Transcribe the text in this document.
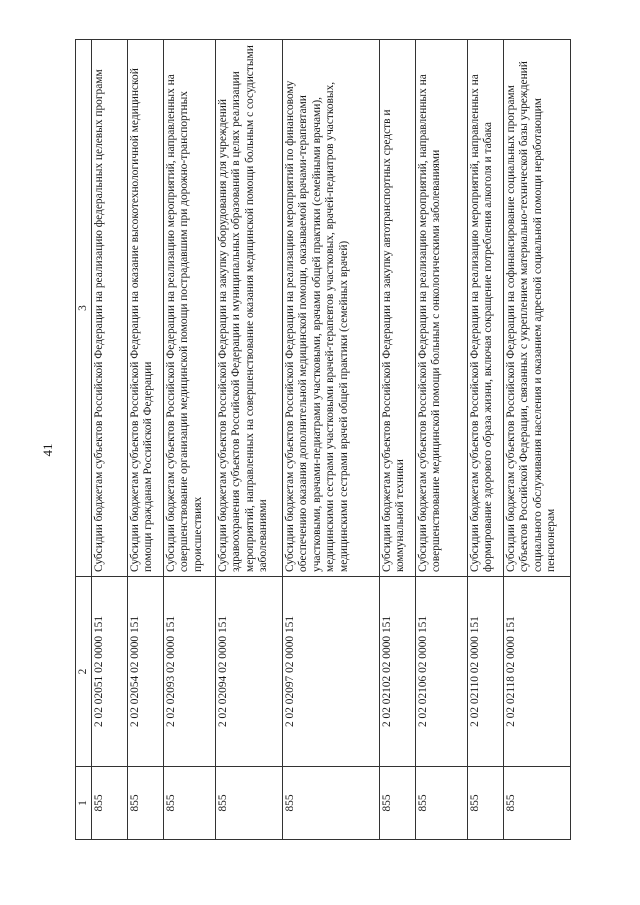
41
1	2	3
855	2 02 02051 02 0000 151	Субсидии бюджетам субъектов Российской Федерации на реализацию федеральных целевых программ
855	2 02 02054 02 0000 151	Субсидии бюджетам субъектов Российской Федерации на оказание высокотехнологичной медицинской помощи гражданам Российской Федерации
855	2 02 02093 02 0000 151	Субсидии бюджетам субъектов Российской Федерации на реализацию мероприятий, направленных на совершенствование организации медицинской помощи пострадавшим при дорожно-транспортных происшествиях
855	2 02 02094 02 0000 151	Субсидии бюджетам субъектов Российской Федерации на закупку оборудования для учреждений здравоохранения субъектов Российской Федерации и муниципальных образований в целях реализации мероприятий, направленных на совершенствование оказания медицинской помощи больным с сосудистыми заболеваниями
855	2 02 02097 02 0000 151	Субсидии бюджетам субъектов Российской Федерации на реализацию мероприятий по финансовому обеспечению оказания дополнительной медицинской помощи, оказываемой врачами-терапевтами участковыми, врачами-педиатрами участковыми, врачами общей практики (семейными врачами), медицинскими сестрами участковыми врачей-терапевтов участковых, врачей-педиатров участковых, медицинскими сестрами врачей общей практики (семейных врачей)
855	2 02 02102 02 0000 151	Субсидии бюджетам субъектов Российской Федерации на закупку автотранспортных средств и коммунальной техники
855	2 02 02106 02 0000 151	Субсидии бюджетам субъектов Российской Федерации на реализацию мероприятий, направленных на совершенствование медицинской помощи больным с онкологическими заболеваниями
855	2 02 02110 02 0000 151	Субсидии бюджетам субъектов Российской Федерации на реализацию мероприятий, направленных на формирование здорового образа жизни, включая сокращение потребления алкоголя и табака
855	2 02 02118 02 0000 151	Субсидии бюджетам субъектов Российской Федерации на софинансирование социальных программ субъектов Российской Федерации, связанных с укреплением материально-технической базы учреждений социального обслуживания населения и оказанием адресной социальной помощи неработающим пенсионерам
